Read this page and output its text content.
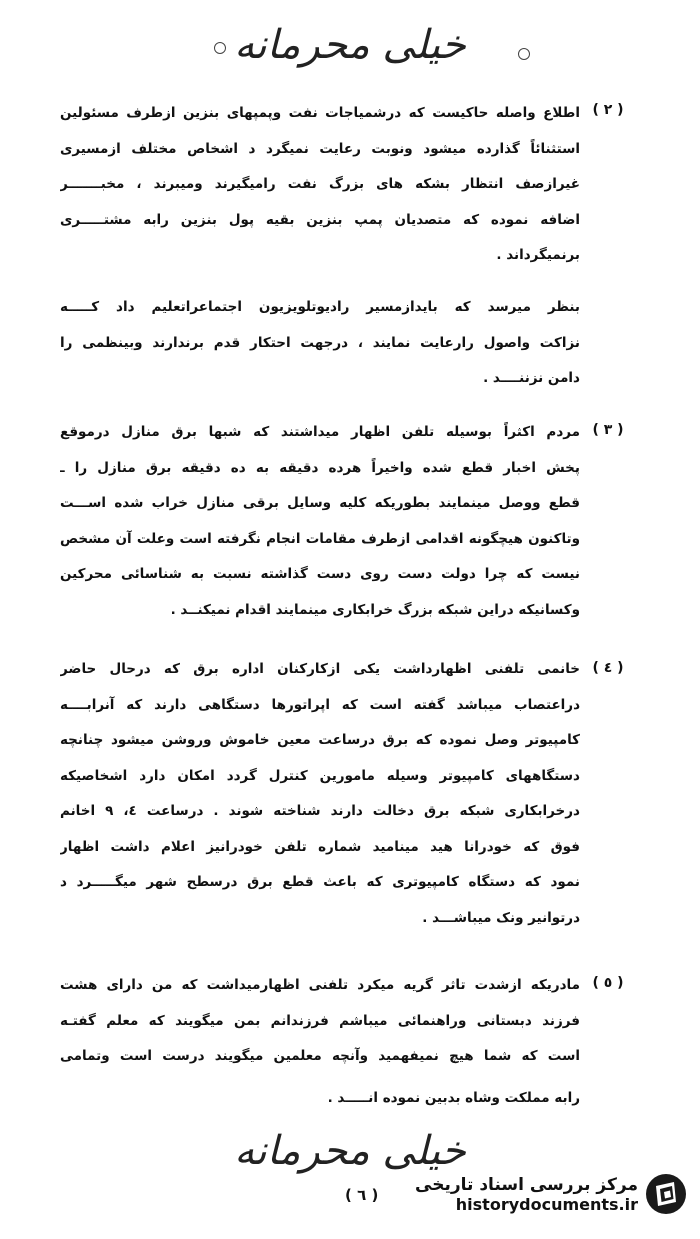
خیلی محرمانه
( ۲ )
اطلاع واصله حاکیست که درشمیاجات نفت وپمپهای بنزین ازطرف مسئولین
استثنائاً گذارده میشود ونوبت رعایت نمیگرد د اشخاص مختلف ازمسیری
غیرازصف انتظار بشکه های بزرگ نفت رامیگیرند ومیبرند ، مخبـــــــر
اضافه نموده که متصدیان پمپ بنزین بقیه پول بنزین رابه مشتـــــری
برنمیگرداند .
بنظر میرسد که بایدازمسیر رادیوتلویزیون اجتماعراتعلیم داد کـــــه
نزاکت واصول رارعایت نمایند ، درجهت احتکار قدم برندارند وبینظمی را
دامن نزننــــد .
( ۳ )
مردم اکثراً بوسیله تلفن اظهار میداشتند که شبها برق منازل درموقع
پخش اخبار قطع شده واخیراً هرده دقیقه به ده دقیقه برق منازل را ـ
قطع ووصل مینمایند بطوریکه کلیه وسایل برقی منازل خراب شده اســـت
وتاکنون هیچگونه اقدامی ازطرف مقامات انجام نگرفته است وعلت آن مشخص
نیست که چرا دولت دست روی دست گذاشته نسبت به شناسائی محرکین
وکسانیکه دراین شبکه بزرگ خرابکاری مینمایند اقدام نمیکنــد .
( ٤ )
خانمی تلفنی اظهارداشت یکی ازکارکنان اداره برق که درحال حاضر
دراعتصاب میباشد گفته است که اپراتورها دستگاهی دارند که آنرابــــه
کامپیوتر وصل نموده که برق درساعت معین خاموش وروشن میشود چنانچه
دستگاههای کامپیوتر وسیله مامورین کنترل گردد امکان دارد اشخاصیکه
درخرابکاری شبکه برق دخالت دارند شناخته شوند . درساعت ٤، ٩ اخانم
فوق که خودرانا هید مینامید شماره تلفن خودرانیز اعلام داشت اظهار
نمود که دستگاه کامپیوتری که باعث قطع برق درسطح شهر میگـــــرد د
درتوانیر ونک میباشـــد .
( ٥ )
مادریکه ازشدت تاثر گریه میکرد تلفنی اظهارمیداشت که من دارای هشت
فرزند دبستانی وراهنمائی میباشم فرزندانم بمن میگویند که معلم گفتـه
است که شما هیچ نمیفهمید وآنچه معلمین میگویند درست است وتمامی
رابه مملکت وشاه بدبین نموده انـــــد .
خیلی محرمانه
( ٦ )
مرکز بررسی اسناد تاریخی
historydocuments.ir
